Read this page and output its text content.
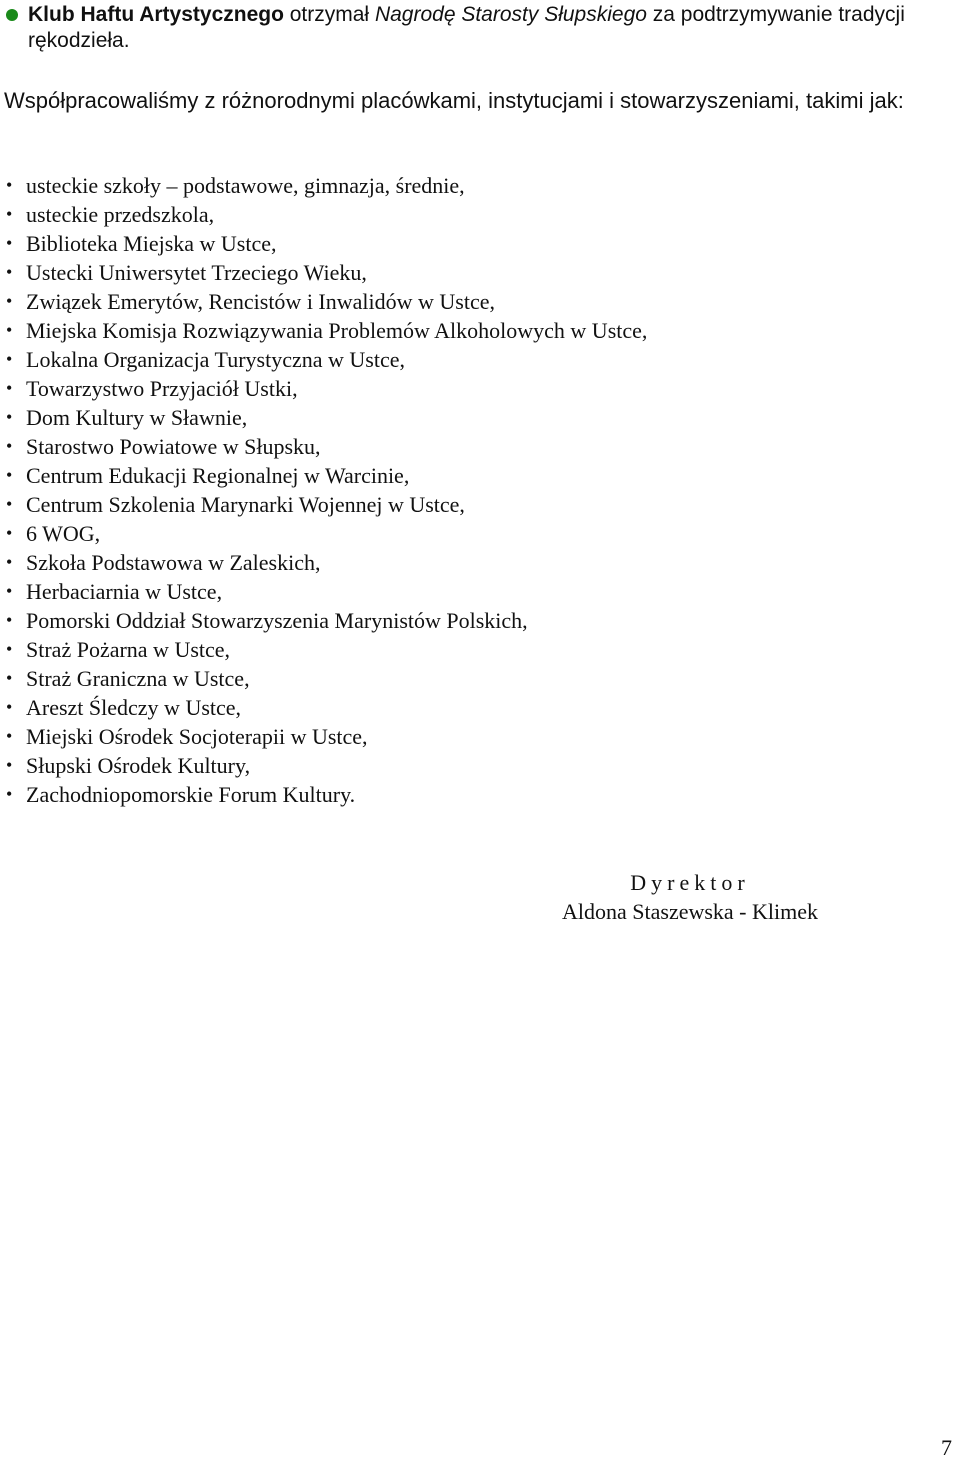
Klub Haftu Artystycznego otrzymał Nagrodę Starosty Słupskiego za podtrzymywanie tradycji rękodzieła.
Współpracowaliśmy z różnorodnymi placówkami, instytucjami i stowarzyszeniami, takimi jak:
• usteckie szkoły – podstawowe, gimnazja, średnie,
• usteckie przedszkola,
• Biblioteka Miejska w Ustce,
• Ustecki Uniwersytet Trzeciego Wieku,
• Związek Emerytów, Rencistów i Inwalidów w Ustce,
• Miejska Komisja Rozwiązywania Problemów Alkoholowych w Ustce,
• Lokalna Organizacja Turystyczna w Ustce,
• Towarzystwo Przyjaciół Ustki,
• Dom Kultury w Sławnie,
• Starostwo Powiatowe w Słupsku,
• Centrum Edukacji Regionalnej w Warcinie,
• Centrum Szkolenia Marynarki Wojennej w Ustce,
• 6 WOG,
• Szkoła Podstawowa w Zaleskich,
• Herbaciarnia w Ustce,
• Pomorski Oddział Stowarzyszenia Marynistów Polskich,
• Straż Pożarna w Ustce,
• Straż Graniczna w Ustce,
• Areszt Śledczy w Ustce,
• Miejski Ośrodek Socjoterapii w Ustce,
• Słupski Ośrodek Kultury,
• Zachodniopomorskie Forum Kultury.
Dyrektor
Aldona Staszewska - Klimek
7
